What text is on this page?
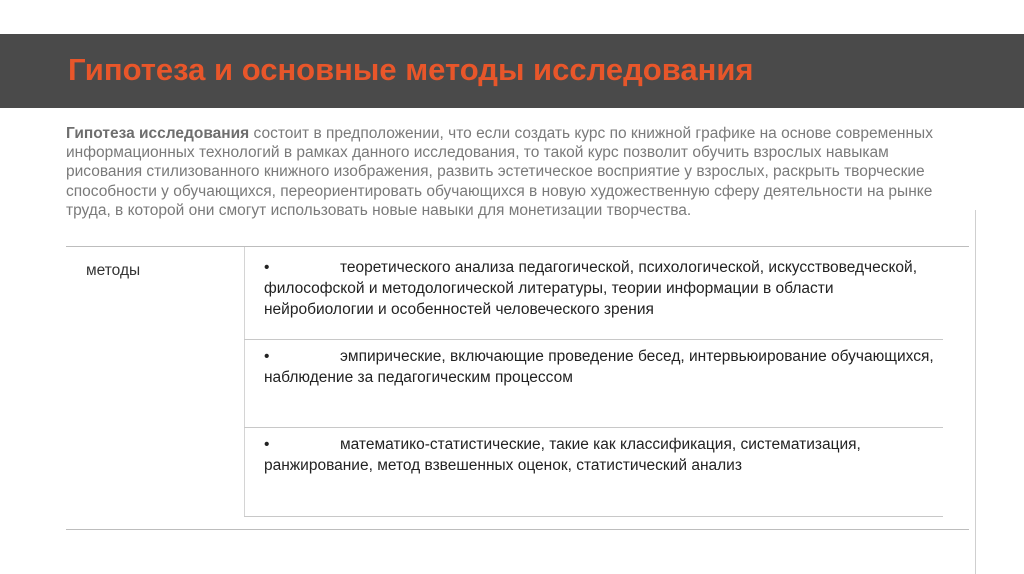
Гипотеза и основные методы исследования
Гипотеза исследования состоит в предположении, что если создать курс по книжной графике на основе современных информационных технологий в рамках данного исследования, то такой курс позволит обучить взрослых навыкам рисования стилизованного книжного изображения, развить эстетическое восприятие у взрослых, раскрыть творческие способности у обучающихся, переориентировать обучающихся в новую художественную сферу деятельности на рынке труда, в которой они смогут использовать новые навыки для монетизации творчества.
методы	•	теоретического анализа педагогической, психологической, искусствоведческой, философской и методологической литературы, теории информации в области нейробиологии и особенностей человеческого зрения
•	эмпирические, включающие проведение бесед, интервьюирование обучающихся, наблюдение за педагогическим процессом
•	математико-статистические, такие как классификация, систематизация, ранжирование, метод взвешенных оценок, статистический анализ
